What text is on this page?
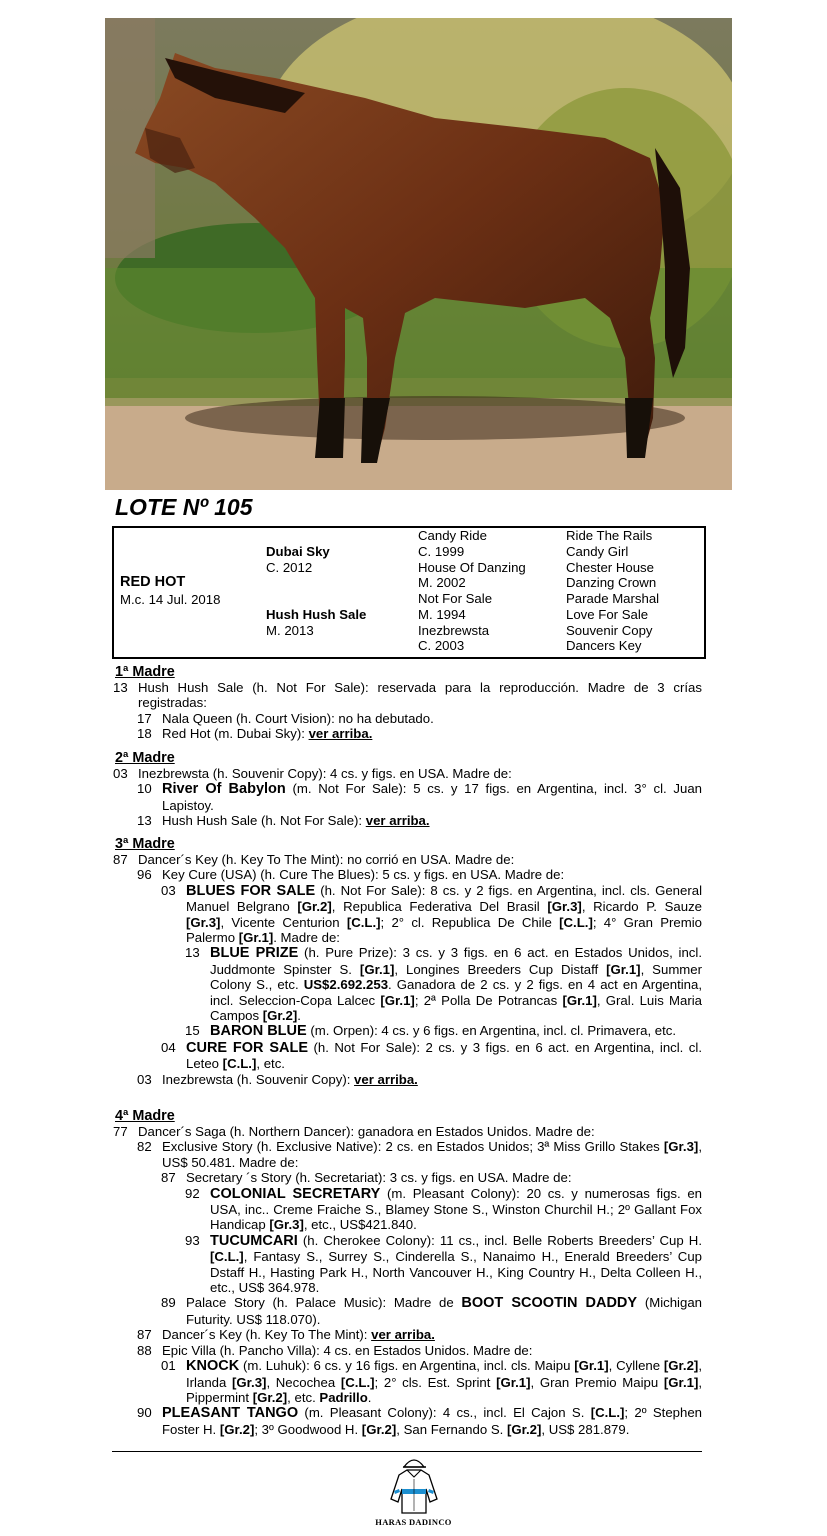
LOTE Nº 105
RED HOT
M.c. 14 Jul. 2018
Dubai Sky
C. 2012
Hush Hush Sale
M. 2013
Candy Ride
C. 1999
House Of Danzing
M. 2002
Not For Sale
M. 1994
Inezbrewsta
C. 2003
Ride The Rails
Candy Girl
Chester House
Danzing Crown
Parade Marshal
Love For Sale
Souvenir Copy
Dancers Key
1ª Madre
13 Hush Hush Sale (h. Not For Sale): reservada para la reproducción. Madre de 3 crías registradas:
17 Nala Queen (h. Court Vision): no ha debutado.
18 Red Hot (m. Dubai Sky): ver arriba.
2ª Madre
03 Inezbrewsta (h. Souvenir Copy): 4 cs. y figs. en USA. Madre de:
10 River Of Babylon (m. Not For Sale): 5 cs. y 17 figs. en Argentina, incl. 3° cl. Juan Lapistoy.
13 Hush Hush Sale (h. Not For Sale): ver arriba.
3ª Madre
87 Dancer´s Key (h. Key To The Mint): no corrió en USA. Madre de:
96 Key Cure (USA) (h. Cure The Blues): 5 cs. y figs. en USA. Madre de:
03 BLUES FOR SALE (h. Not For Sale): 8 cs. y 2 figs. en Argentina, incl. cls. General Manuel Belgrano [Gr.2], Republica Federativa Del Brasil [Gr.3], Ricardo P. Sauze [Gr.3], Vicente Centurion [C.L.]; 2° cl. Republica De Chile [C.L.]; 4° Gran Premio Palermo [Gr.1]. Madre de:
13 BLUE PRIZE (h. Pure Prize): 3 cs. y 3 figs. en 6 act. en Estados Unidos, incl. Juddmonte Spinster S. [Gr.1], Longines Breeders Cup Distaff [Gr.1], Summer Colony S., etc. US$2.692.253. Ganadora de 2 cs. y 2 figs. en 4 act en Argentina, incl. Seleccion-Copa Lalcec [Gr.1]; 2ª Polla De Potrancas [Gr.1], Gral. Luis Maria Campos [Gr.2].
15 BARON BLUE (m. Orpen): 4 cs. y 6 figs. en Argentina, incl. cl. Primavera, etc.
04 CURE FOR SALE (h. Not For Sale): 2 cs. y 3 figs. en 6 act. en Argentina, incl. cl. Leteo [C.L.], etc.
03 Inezbrewsta (h. Souvenir Copy): ver arriba.
4ª Madre
77 Dancer´s Saga (h. Northern Dancer): ganadora en Estados Unidos. Madre de:
82 Exclusive Story (h. Exclusive Native): 2 cs. en Estados Unidos; 3ª Miss Grillo Stakes [Gr.3], US$ 50.481. Madre de:
87 Secretary ´s Story (h. Secretariat): 3 cs. y figs. en USA. Madre de:
92 COLONIAL SECRETARY (m. Pleasant Colony): 20 cs. y numerosas figs. en USA, inc.. Creme Fraiche S., Blamey Stone S., Winston Churchil H.; 2º Gallant Fox Handicap [Gr.3], etc., US$421.840.
93 TUCUMCARI (h. Cherokee Colony): 11 cs., incl. Belle Roberts Breeders’ Cup H. [C.L.], Fantasy S., Surrey S., Cinderella S., Nanaimo H., Enerald Breeders’ Cup Dstaff H., Hasting Park H., North Vancouver H., King Country H., Delta Colleen H., etc., US$ 364.978.
89 Palace Story (h. Palace Music): Madre de BOOT SCOOTIN DADDY (Michigan Futurity. US$ 118.070).
87 Dancer´s Key (h. Key To The Mint): ver arriba.
88 Epic Villa (h. Pancho Villa): 4 cs. en Estados Unidos. Madre de:
01 KNOCK (m. Luhuk): 6 cs. y 16 figs. en Argentina, incl. cls. Maipu [Gr.1], Cyllene [Gr.2], Irlanda [Gr.3], Necochea [C.L.]; 2° cls. Est. Sprint [Gr.1], Gran Premio Maipu [Gr.1], Pippermint [Gr.2], etc. Padrillo.
90 PLEASANT TANGO (m. Pleasant Colony): 4 cs., incl. El Cajon S. [C.L.]; 2º Stephen Foster H. [Gr.2]; 3º Goodwood H. [Gr.2], San Fernando S. [Gr.2], US$ 281.879.
HARAS DADINCO
